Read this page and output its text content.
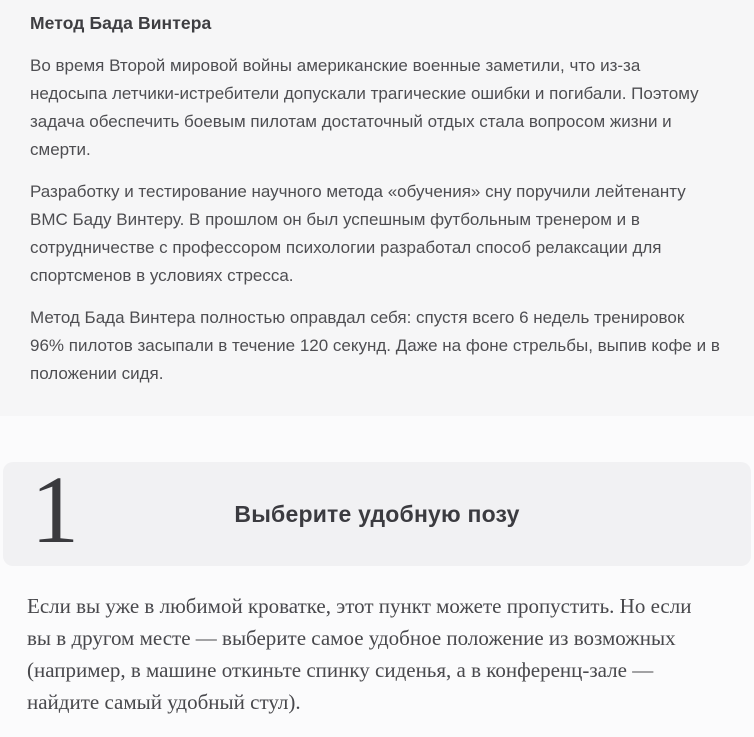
Метод Бада Винтера

Во время Второй мировой войны американские военные заметили, что из-за недосыпа летчики-истребители допускали трагические ошибки и погибали. Поэтому задача обеспечить боевым пилотам достаточный отдых стала вопросом жизни и смерти.

Разработку и тестирование научного метода «обучения» сну поручили лейтенанту ВМС Баду Винтеру. В прошлом он был успешным футбольным тренером и в сотрудничестве с профессором психологии разработал способ релаксации для спортсменов в условиях стресса.

Метод Бада Винтера полностью оправдал себя: спустя всего 6 недель тренировок 96% пилотов засыпали в течение 120 секунд. Даже на фоне стрельбы, выпив кофе и в положении сидя.

1	Выберите удобную позу

Если вы уже в любимой кроватке, этот пункт можете пропустить. Но если вы в другом месте — выберите самое удобное положение из возможных (например, в машине откиньте спинку сиденья, а в конференц-зале — найдите самый удобный стул).
